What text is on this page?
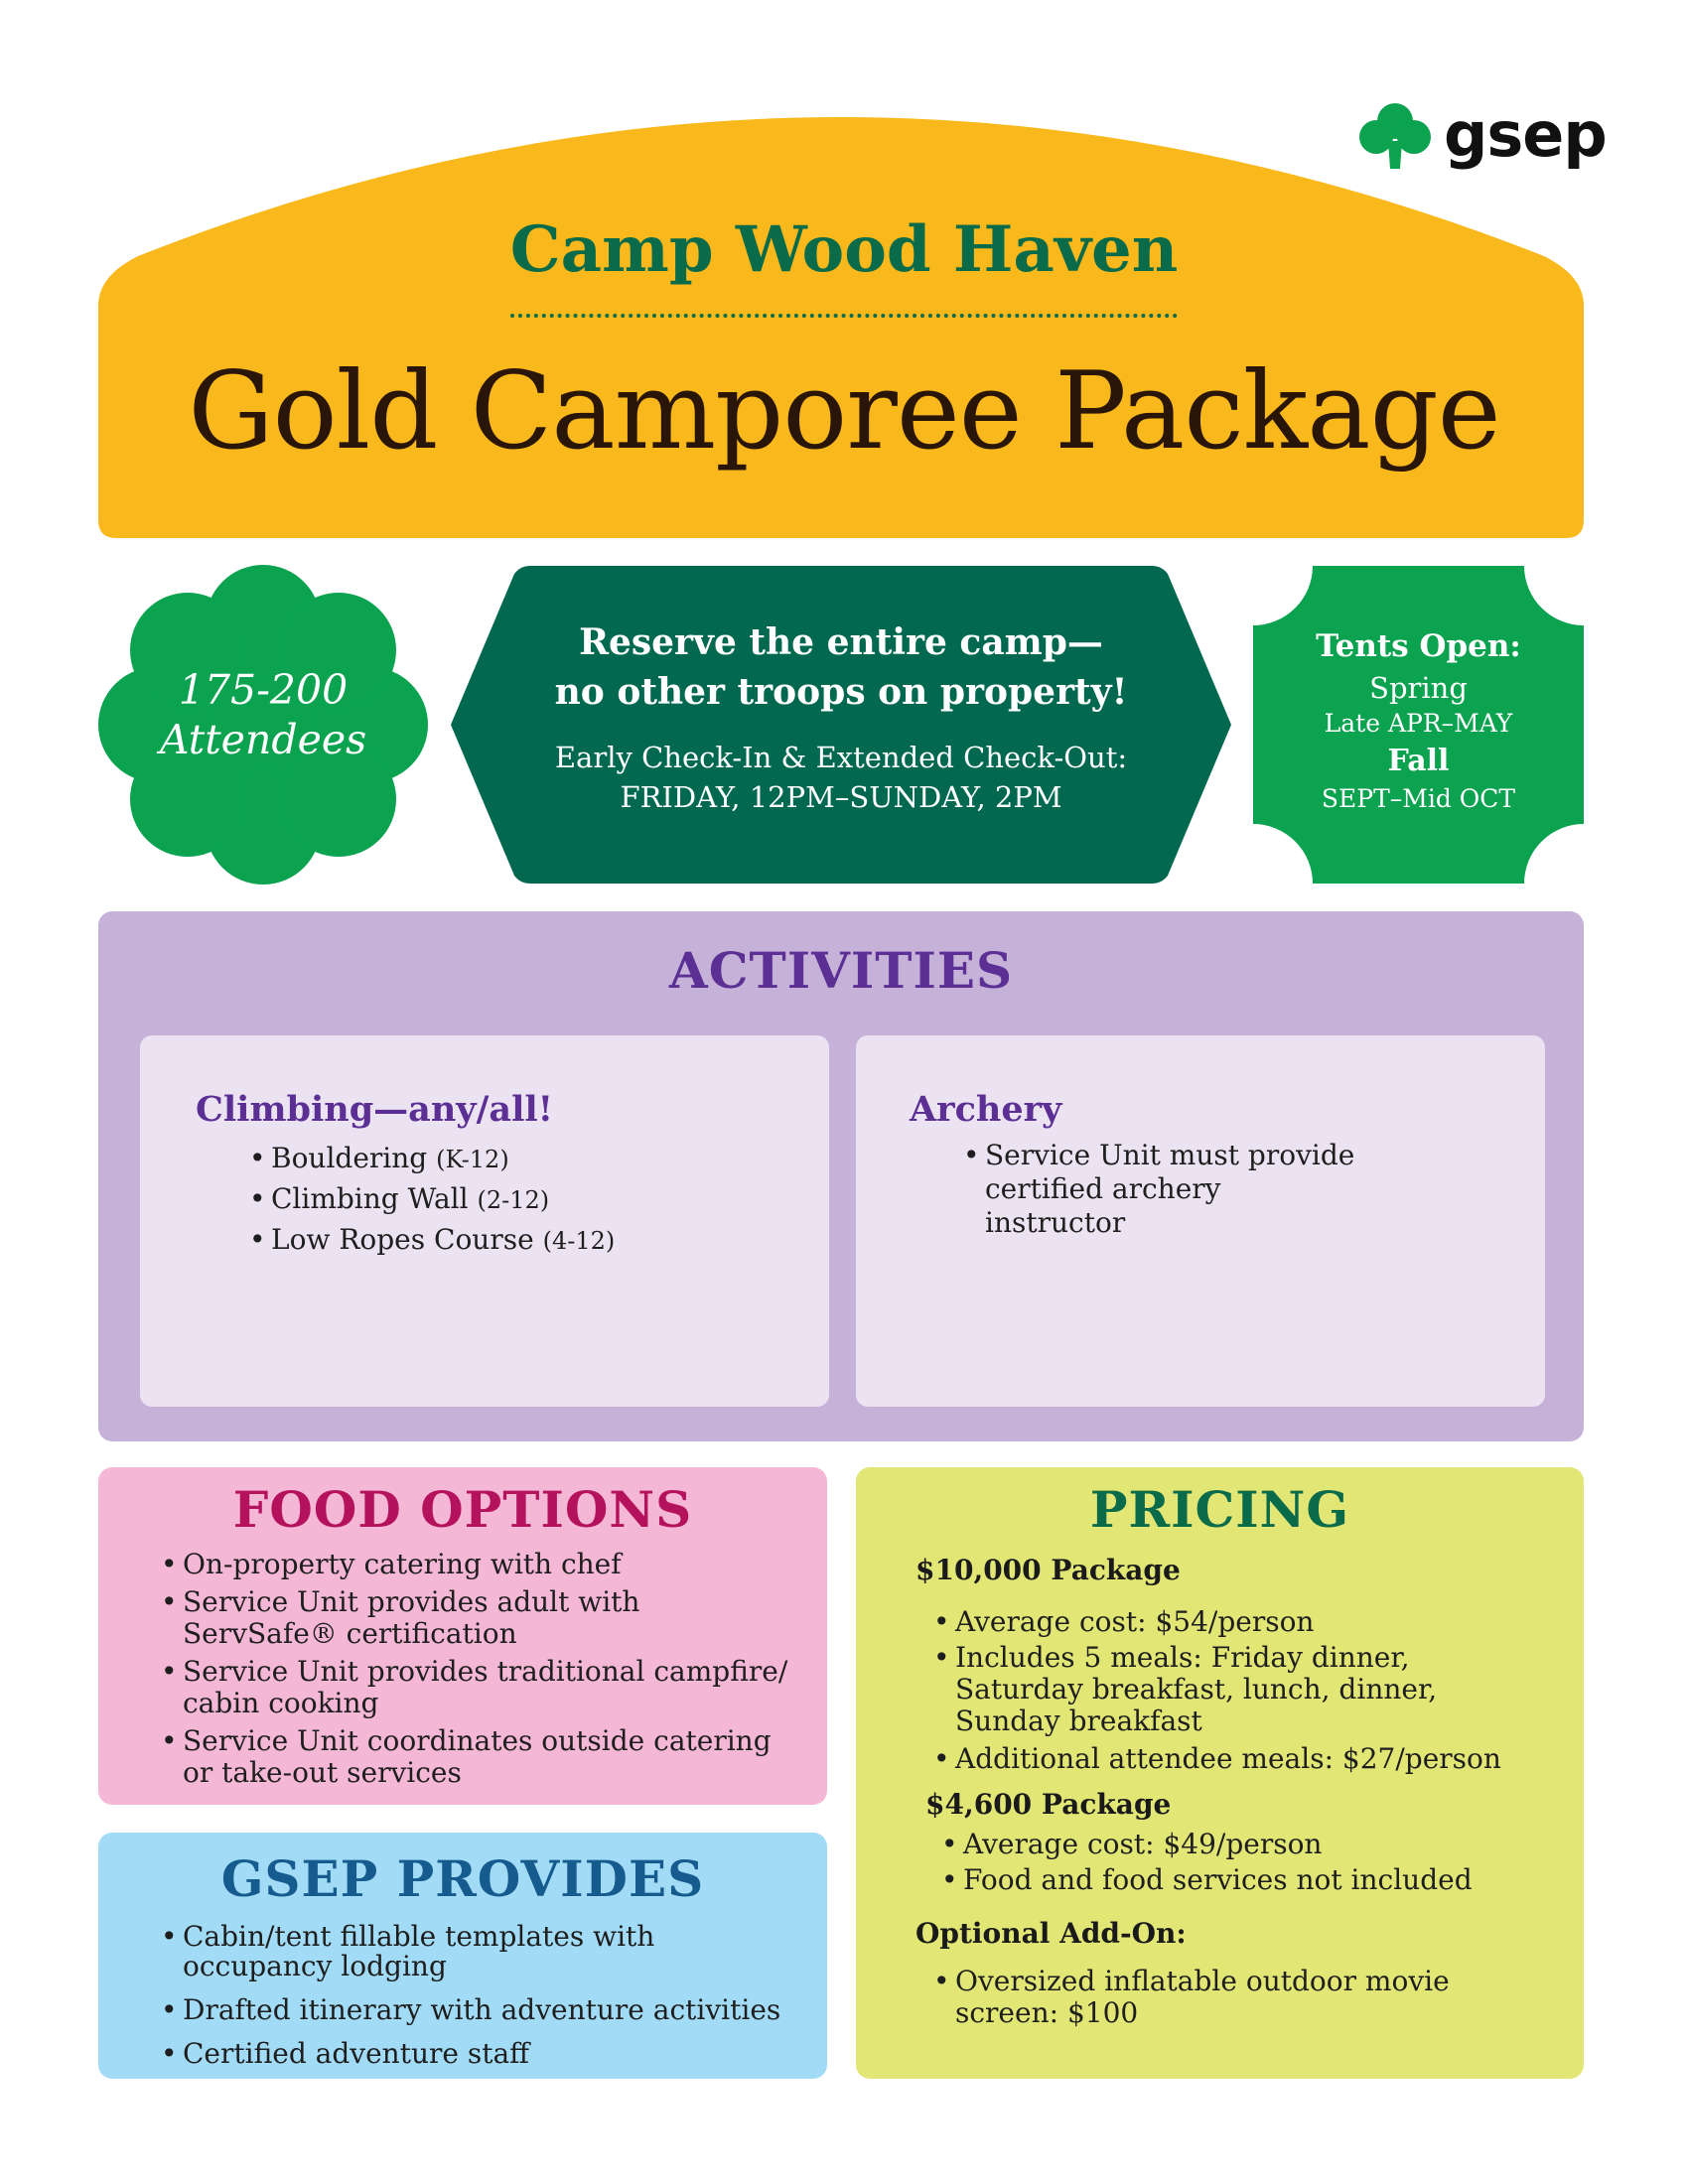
gsep
Camp Wood Haven
Gold Camporee Package
175-200
Attendees
Reserve the entire camp—
no other troops on property!
Early Check-In & Extended Check-Out:
FRIDAY, 12PM–SUNDAY, 2PM
Tents Open:
Spring
Late APR–MAY
Fall
SEPT–Mid OCT
ACTIVITIES
Climbing—any/all!
• Bouldering (K-12)
• Climbing Wall (2-12)
• Low Ropes Course (4-12)
Archery
• Service Unit must provide certified archery instructor
FOOD OPTIONS
• On-property catering with chef
• Service Unit provides adult with ServSafe® certification
• Service Unit provides traditional campfire/ cabin cooking
• Service Unit coordinates outside catering or take-out services
GSEP PROVIDES
• Cabin/tent fillable templates with occupancy lodging
• Drafted itinerary with adventure activities
• Certified adventure staff
PRICING
$10,000 Package
• Average cost: $54/person
• Includes 5 meals: Friday dinner, Saturday breakfast, lunch, dinner, Sunday breakfast
• Additional attendee meals: $27/person
$4,600 Package
• Average cost: $49/person
• Food and food services not included
Optional Add-On:
• Oversized inflatable outdoor movie screen: $100
